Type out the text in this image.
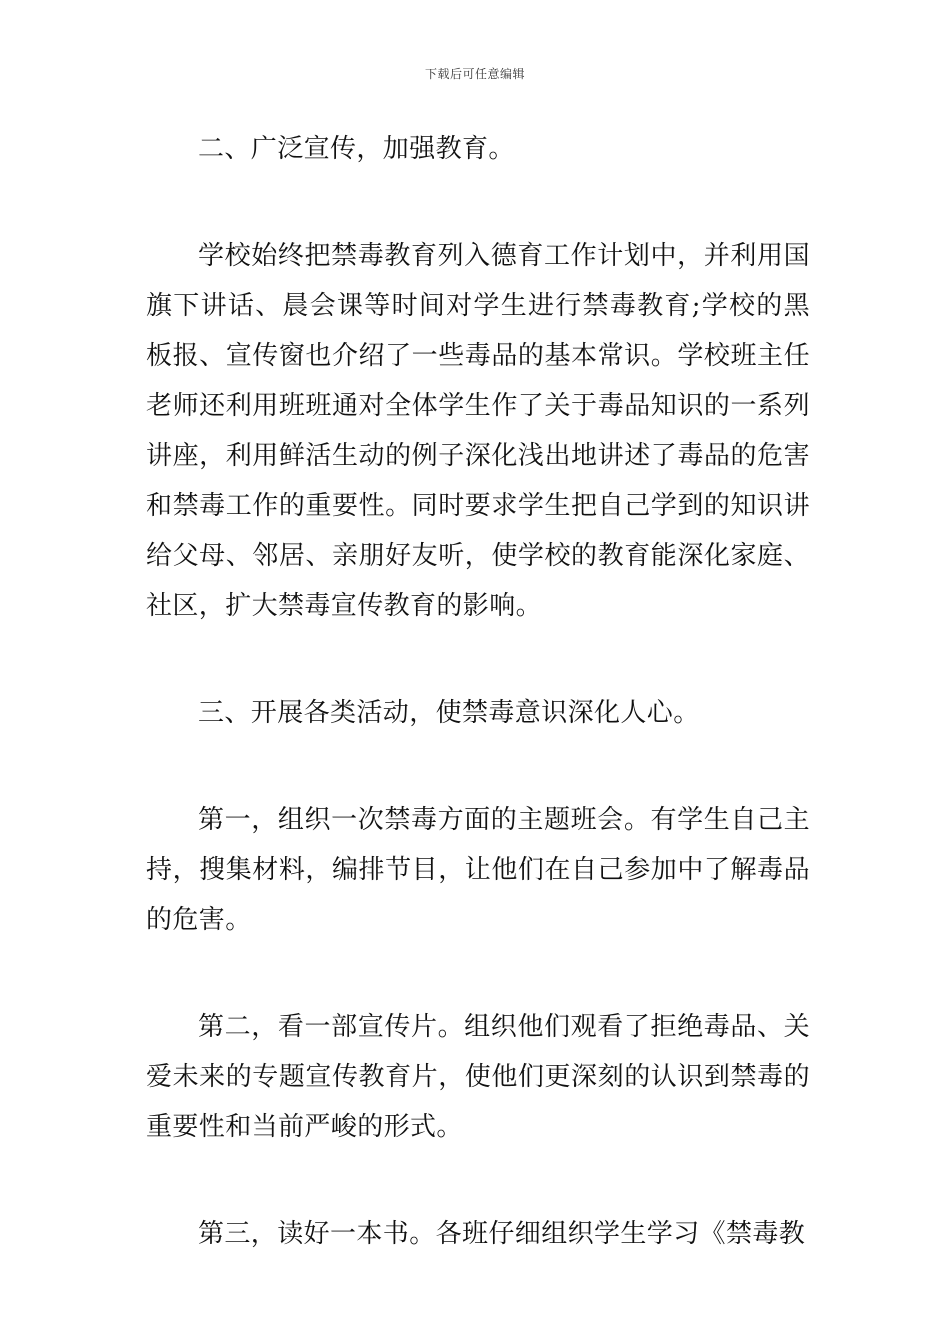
下载后可任意编辑

二、广泛宣传，加强教育。

学校始终把禁毒教育列入德育工作计划中，并利用国旗下讲话、晨会课等时间对学生进行禁毒教育;学校的黑板报、宣传窗也介绍了一些毒品的基本常识。学校班主任老师还利用班班通对全体学生作了关于毒品知识的一系列讲座，利用鲜活生动的例子深化浅出地讲述了毒品的危害和禁毒工作的重要性。同时要求学生把自己学到的知识讲给父母、邻居、亲朋好友听，使学校的教育能深化家庭、社区，扩大禁毒宣传教育的影响。

三、开展各类活动，使禁毒意识深化人心。

第一，组织一次禁毒方面的主题班会。有学生自己主持，搜集材料，编排节目，让他们在自己参加中了解毒品的危害。

第二，看一部宣传片。组织他们观看了拒绝毒品、关爱未来的专题宣传教育片，使他们更深刻的认识到禁毒的重要性和当前严峻的形式。

第三，读好一本书。各班仔细组织学生学习《禁毒教
